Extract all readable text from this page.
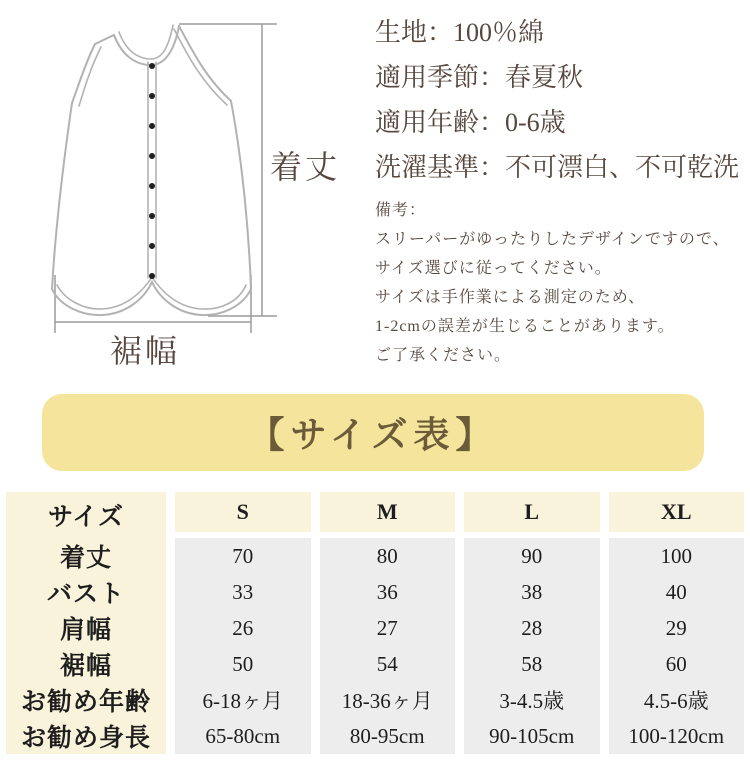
着丈
裾幅
生地：100％綿
適用季節：春夏秋
適用年齢：0-6歳
洗濯基準：不可漂白、不可乾洗
備考：
スリーパーがゆったりしたデザインですので、
サイズ選びに従ってください。
サイズは手作業による測定のため、
1-2cmの誤差が生じることがあります。
ご了承ください。
【サイズ表】
サイズ	S	M	L	XL
着丈	70	80	90	100
バスト	33	36	38	40
肩幅	26	27	28	29
裾幅	50	54	58	60
お勧め年齢	6-18ヶ月	18-36ヶ月	3-4.5歳	4.5-6歳
お勧め身長	65-80cm	80-95cm	90-105cm	100-120cm
